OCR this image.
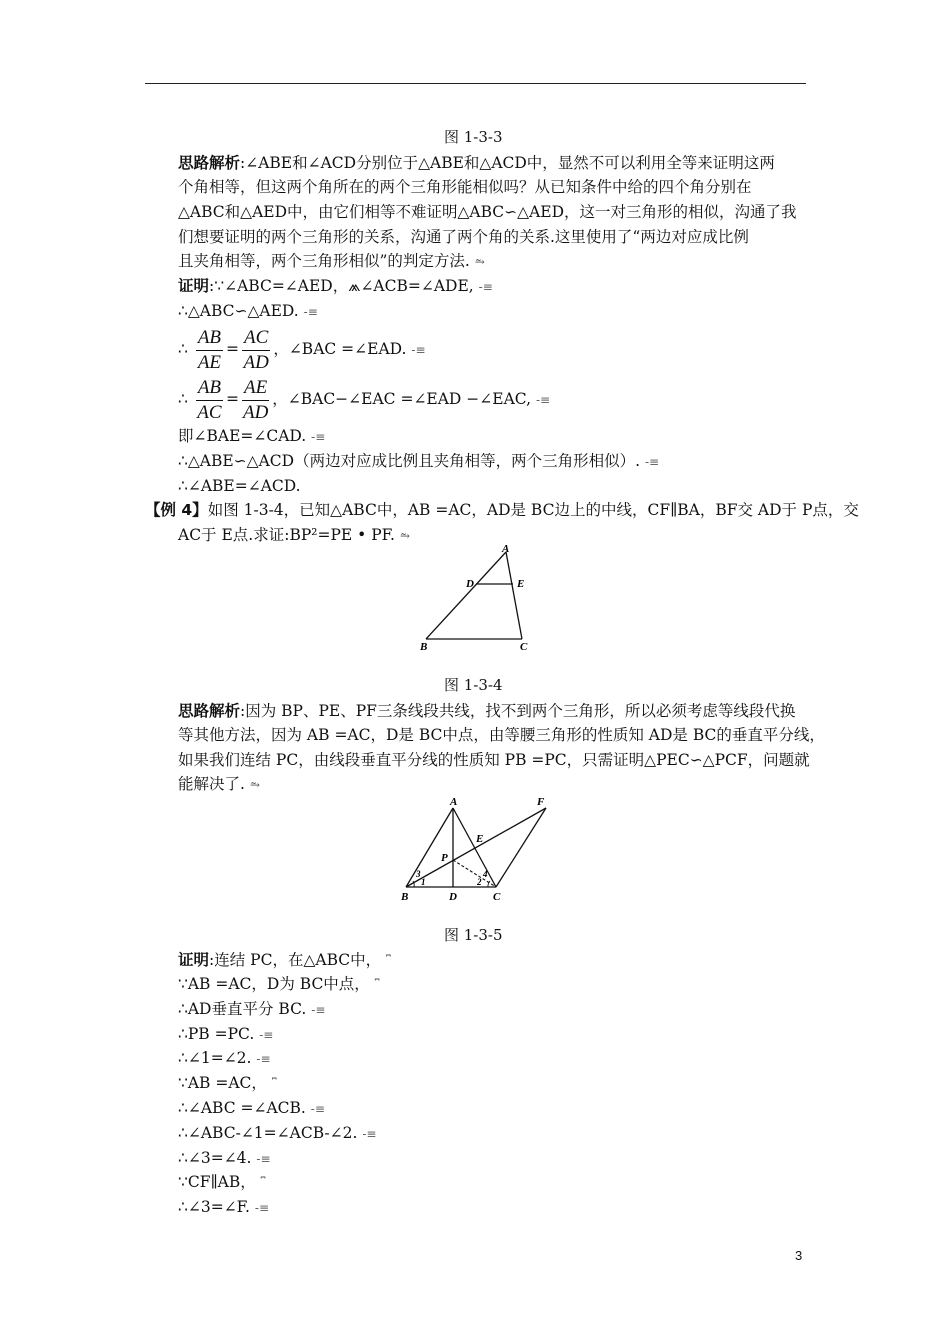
图 1-3-3
思路解析:∠ABE和∠ACD分别位于△ABE和△ACD中，显然不可以利用全等来证明这两
个角相等，但这两个角所在的两个三角形能相似吗？从已知条件中给的四个角分别在
△ABC和△AED中，由它们相等不难证明△ABC∽△AED，这一对三角形的相似，沟通了我
们想要证明的两个三角形的关系，沟通了两个角的关系.这里使用了“两边对应成比例
且夹角相等，两个三角形相似”的判定方法. ⥲
证明:∵∠ABC=∠AED，⩕∠ACB=∠ADE, -≡
∴△ABC∽△AED. -≡
∴ $\frac{AB}{AE} = \frac{AC}{AD}$ ，∠BAC =∠EAD. -≡
∴ $\frac{AB}{AC} = \frac{AE}{AD}$ ，∠BAC−∠EAC =∠EAD −∠EAC, -≡
即∠BAE=∠CAD. -≡
∴△ABE∽△ACD（两边对应成比例且夹角相等，两个三角形相似）. -≡
∴∠ABE=∠ACD.
【例 4】如图 1-3-4，已知△ABC中，AB =AC，AD是 BC边上的中线，CF∥BA，BF交 AD于 P点，交
AC于 E点.求证:BP²=PE • PF. ⥲
A
D	E
B	C
图 1-3-4
思路解析:因为 BP、PE、PF三条线段共线，找不到两个三角形，所以必须考虑等线段代换
等其他方法，因为 AB =AC，D是 BC中点，由等腰三角形的性质知 AD是 BC的垂直平分线，
如果我们连结 PC，由线段垂直平分线的性质知 PB =PC，只需证明△PEC∽△PCF，问题就
能解决了. ⥲
A	F
E
P
3
1
4
2
B	D	C
图 1-3-5
证明:连结 PC，在△ABC中， ⎴
∵AB =AC，D为 BC中点， ⎴
∴AD垂直平分 BC. -≡
∴PB =PC. -≡
∴∠1=∠2. -≡
∵AB =AC， ⎴
∴∠ABC =∠ACB. -≡
∴∠ABC-∠1=∠ACB-∠2. -≡
∴∠3=∠4. -≡
∵CF∥AB， ⎴
∴∠3=∠F. -≡
3
